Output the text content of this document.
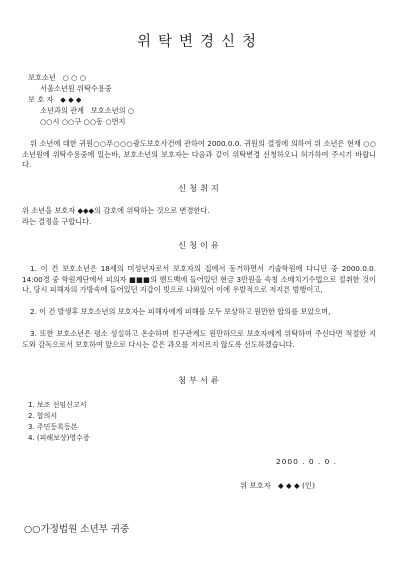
위탁변경신청
보호소년   ○ ○ ○
서울소년원 위탁수용중
보 호 자   ◆ ◆ ◆
소년과의 관계   보호소년의 ○
○○시 ○○구 ○○동 ○번지
위 소년에 대한 귀원○○푸○○○광도보호사건에 관하여 2000.0.0. 귀원의 결정에 의하여 위 소년은 현재 ○○소년원에 위탁수용중에 있는바, 보호소년의 보호자는 다음과 같이 위탁변경 신청하오니 허가하여 주시기 바랍니다.
신청취지
위 소년을 보호자 ◆◆◆의 감호에 위탁하는 것으로 변경한다.
라는 결정을 구합니다.
신청이유
1. 이 건 보호소년은 18세의 미성년자로서 보호자의 집에서 동거하면서 기술학원에 다니던 중 2000.0.0. 14:00경 중 학원계단에서 피의자 ■■■의 핸드백에 들어있던 현금 3만원을 속칭 소매치기수법으로 절취한 것이나, 당시 피해자의 가방속에 들어있던 지갑이 빗으로 나와있어 이에 우발적으로 저지른 범행이고,
2. 이 건 발생후 보호소년의 보호자는 피해자에게 피해를 모두 보상하고 원만한 합의를 보았으며,
3. 또한 보호소년은 평소 성실하고 온순하며 친구관계도 원만하므로 보호자에게 위탁하여 주신다면 적절한 지도와 감독으로서 보호하여 앞으로 다시는 같은 과오를 저지르지 않도록 선도하겠습니다.
첨부서류
1. 보조 선임신고서
2. 합의서
3. 주민등록등본
4. (피해보상)영수증
2000 . 0 . 0 .
위 보호자   ◆ ◆ ◆ (인)
○○가정법원 소년부 귀중
